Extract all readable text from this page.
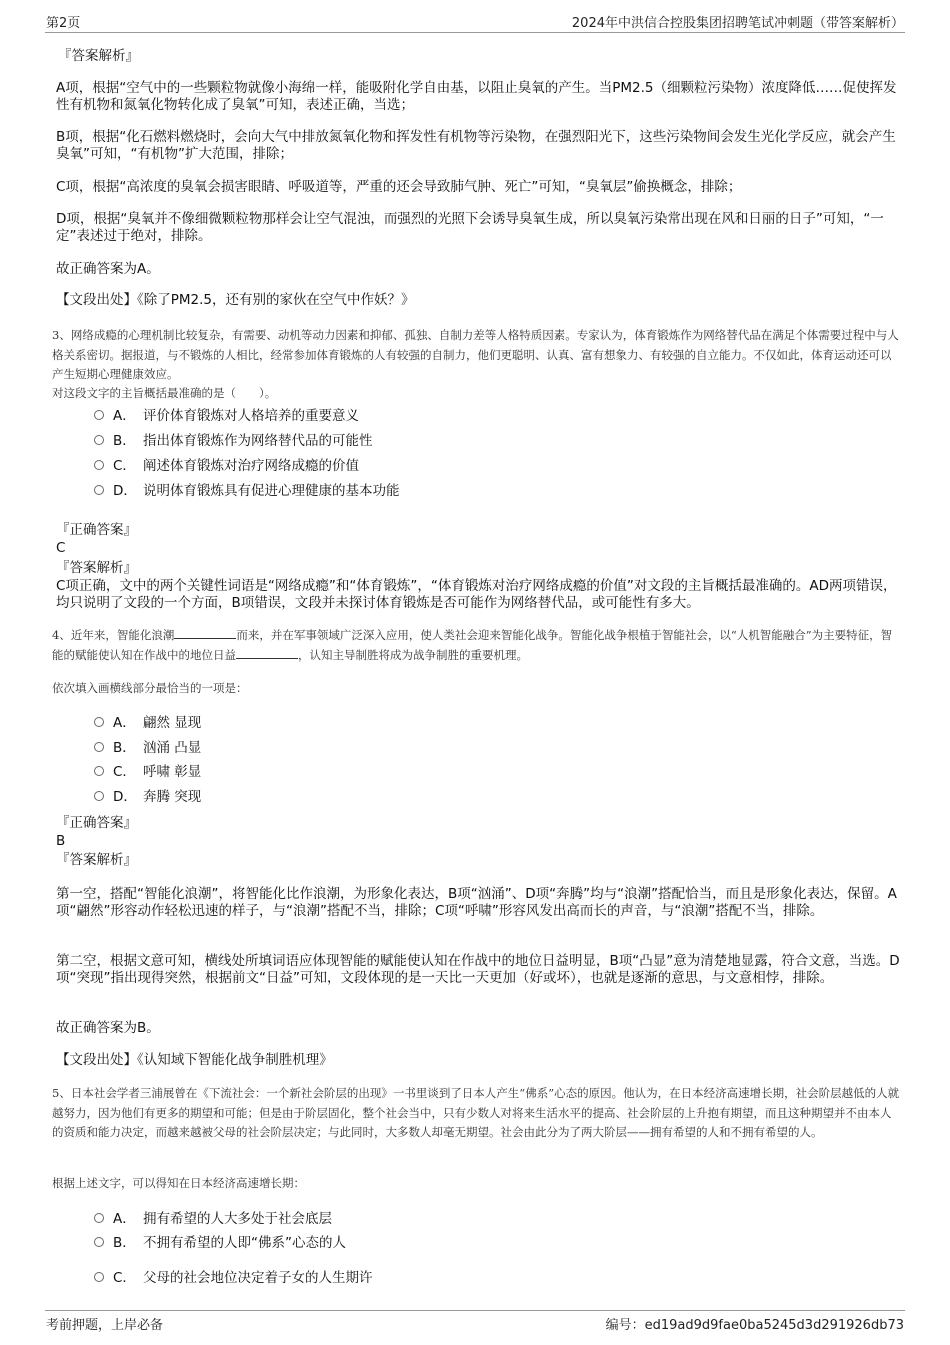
第2页	2024年中洪信合控股集团招聘笔试冲刺题（带答案解析）
『答案解析』
A项，根据“空气中的一些颗粒物就像小海绵一样，能吸附化学自由基，以阻止臭氧的产生。当PM2.5（细颗粒污染物）浓度降低……促使挥发性有机物和氮氧化物转化成了臭氧”可知，表述正确，当选；
B项，根据“化石燃料燃烧时，会向大气中排放氮氧化物和挥发性有机物等污染物，在强烈阳光下，这些污染物间会发生光化学反应，就会产生臭氧”可知，“有机物”扩大范围，排除；
C项，根据“高浓度的臭氧会损害眼睛、呼吸道等，严重的还会导致肺气肿、死亡”可知，“臭氧层”偷换概念，排除；
D项，根据“臭氧并不像细微颗粒物那样会让空气混浊，而强烈的光照下会诱导臭氧生成，所以臭氧污染常出现在风和日丽的日子”可知，“一定”表述过于绝对，排除。
故正确答案为A。
【文段出处】《除了PM2.5，还有别的家伙在空气中作妖？》
3、网络成瘾的心理机制比较复杂，有需要、动机等动力因素和抑郁、孤独、自制力差等人格特质因素。专家认为，体育锻炼作为网络替代品在满足个体需要过程中与人格关系密切。据报道，与不锻炼的人相比，经常参加体育锻炼的人有较强的自制力，他们更聪明、认真、富有想象力、有较强的自立能力。不仅如此，体育运动还可以产生短期心理健康效应。
对这段文字的主旨概括最准确的是（　　）。
A． 评价体育锻炼对人格培养的重要意义
B． 指出体育锻炼作为网络替代品的可能性
C． 阐述体育锻炼对治疗网络成瘾的价值
D． 说明体育锻炼具有促进心理健康的基本功能
『正确答案』
C
『答案解析』
C项正确，文中的两个关键性词语是“网络成瘾”和“体育锻炼”，“体育锻炼对治疗网络成瘾的价值”对文段的主旨概括最准确的。AD两项错误，均只说明了文段的一个方面，B项错误，文段并未探讨体育锻炼是否可能作为网络替代品，或可能性有多大。
4、近年来，智能化浪潮	而来，并在军事领域广泛深入应用，使人类社会迎来智能化战争。智能化战争根植于智能社会，以“人机智能融合”为主要特征，智能的赋能使认知在作战中的地位日益	，认知主导制胜将成为战争制胜的重要机理。
依次填入画横线部分最恰当的一项是：
A． 翩然 显现
B． 汹涌 凸显
C． 呼啸 彰显
D． 奔腾 突现
『正确答案』
B
『答案解析』
第一空，搭配“智能化浪潮”，将智能化比作浪潮，为形象化表达，B项“汹涌”、D项“奔腾”均与“浪潮”搭配恰当，而且是形象化表达，保留。A项“翩然”形容动作轻松迅速的样子，与“浪潮”搭配不当，排除；C项“呼啸”形容风发出高而长的声音，与“浪潮”搭配不当，排除。
第二空，根据文意可知，横线处所填词语应体现智能的赋能使认知在作战中的地位日益明显，B项“凸显”意为清楚地显露，符合文意，当选。D项“突现”指出现得突然，根据前文“日益”可知，文段体现的是一天比一天更加（好或坏），也就是逐渐的意思，与文意相悖，排除。
故正确答案为B。
【文段出处】《认知域下智能化战争制胜机理》
5、日本社会学者三浦展曾在《下流社会：一个新社会阶层的出现》一书里谈到了日本人产生“佛系”心态的原因。他认为，在日本经济高速增长期，社会阶层越低的人就越努力，因为他们有更多的期望和可能；但是由于阶层固化，整个社会当中，只有少数人对将来生活水平的提高、社会阶层的上升抱有期望，而且这种期望并不由本人的资质和能力决定，而越来越被父母的社会阶层决定；与此同时，大多数人却毫无期望。社会由此分为了两大阶层——拥有希望的人和不拥有希望的人。
根据上述文字，可以得知在日本经济高速增长期：
A． 拥有希望的人大多处于社会底层
B． 不拥有希望的人即“佛系”心态的人
C． 父母的社会地位决定着子女的人生期许
考前押题，上岸必备	编号：ed19ad9d9fae0ba5245d3d291926db73
